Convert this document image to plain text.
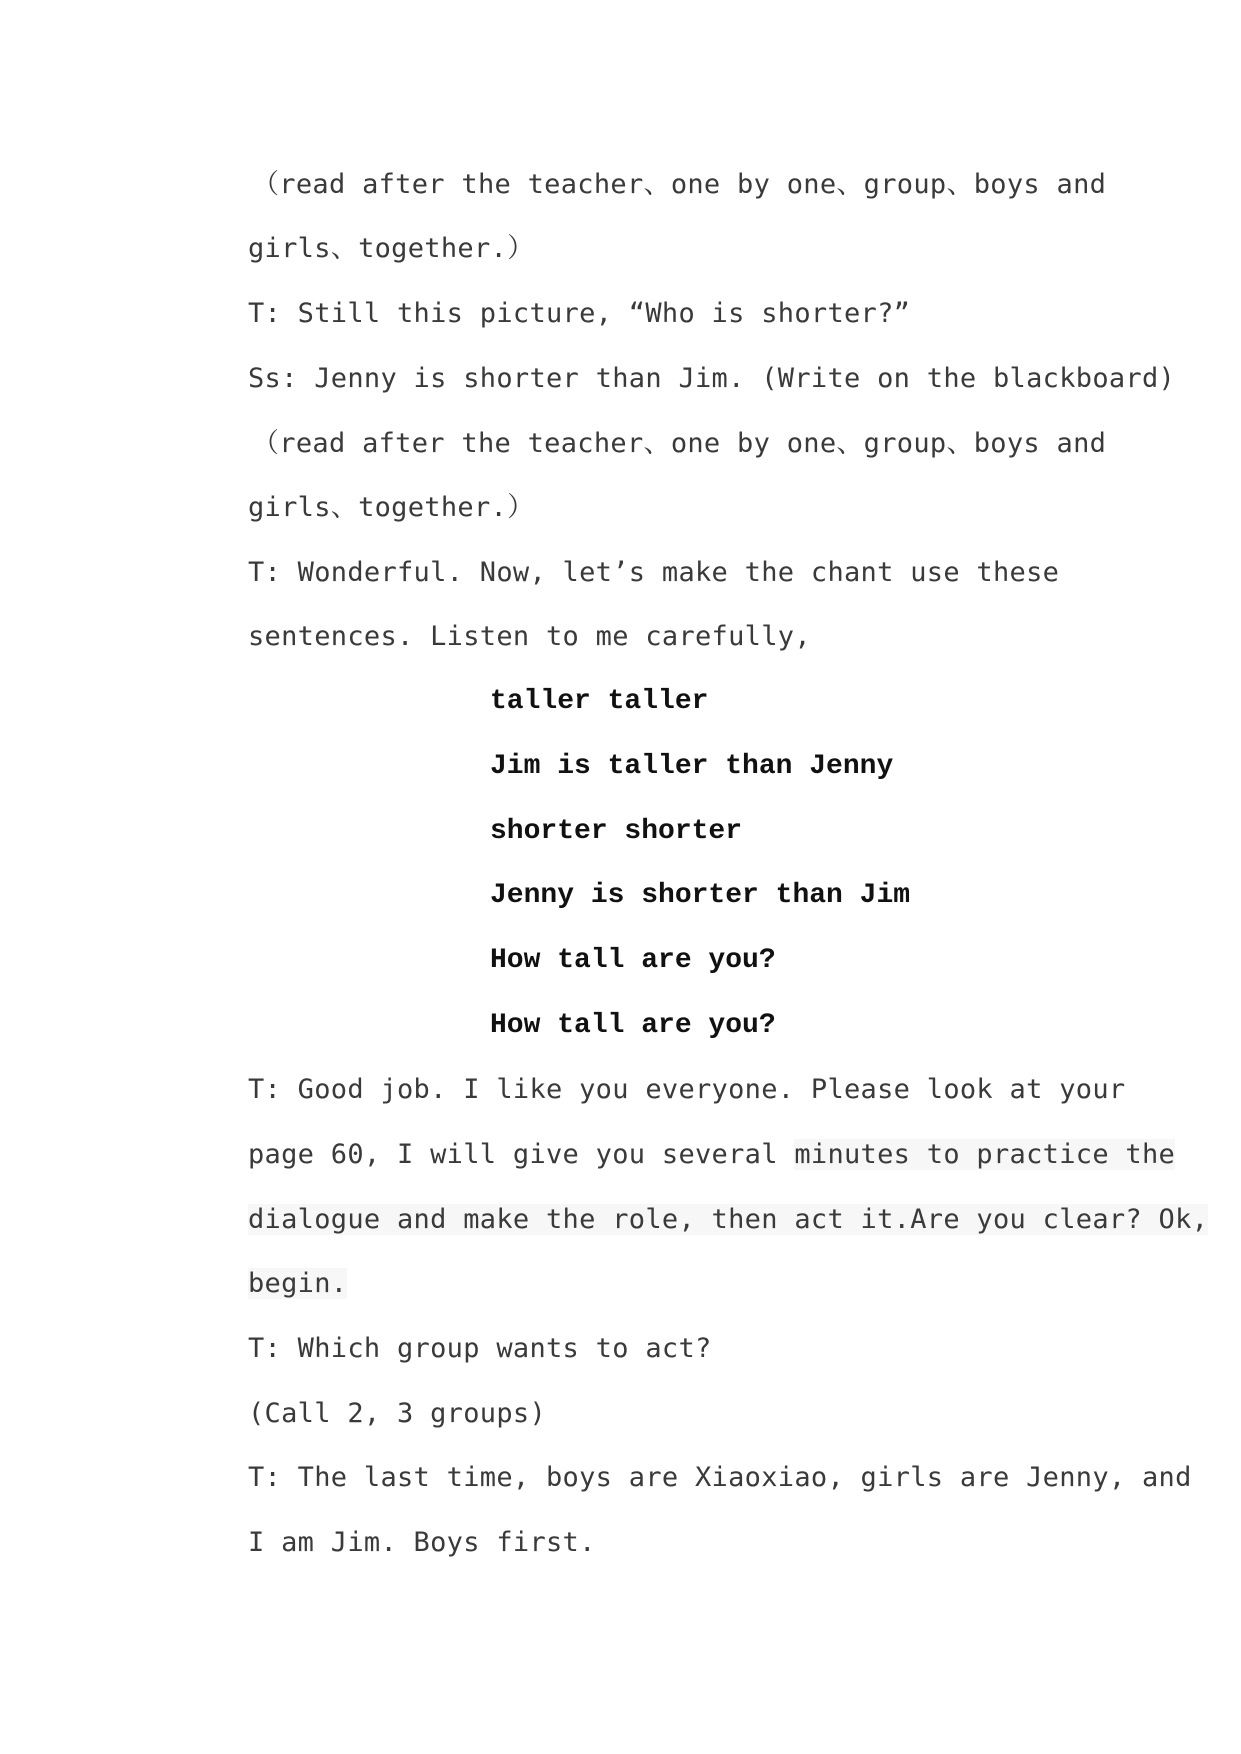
（read after the teacher、one by one、group、boys and
girls、together.）
T: Still this picture, “Who is shorter?”
Ss: Jenny is shorter than Jim. (Write on the blackboard)
（read after the teacher、one by one、group、boys and
girls、together.）
T: Wonderful. Now, let’s make the chant use these
sentences. Listen to me carefully,
taller taller
Jim is taller than Jenny
shorter shorter
Jenny is shorter than Jim
How tall are you?
How tall are you?
T: Good job. I like you everyone. Please look at your
page 60, I will give you several minutes to practice the
dialogue and make the role, then act it.Are you clear? Ok,
begin.
T: Which group wants to act?
(Call 2, 3 groups)
T: The last time, boys are Xiaoxiao, girls are Jenny, and
I am Jim. Boys first.
